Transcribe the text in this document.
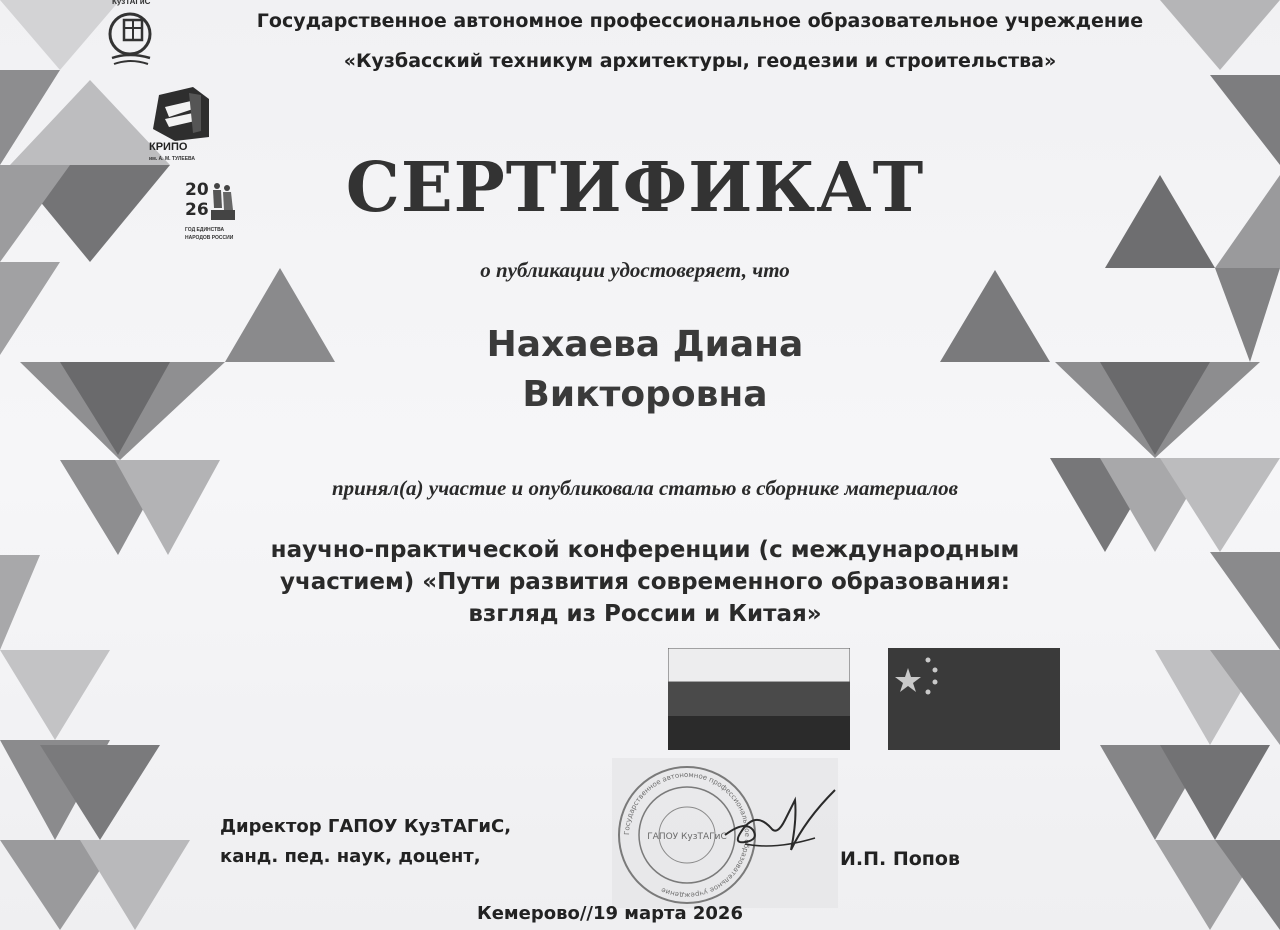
КузТАГиС
КРИПО
им. А. М. ТУЛЕЕВА
20
26
ГОД ЕДИНСТВА
НАРОДОВ РОССИИ
Государственное автономное профессиональное образовательное учреждение
«Кузбасский техникум архитектуры, геодезии и строительства»
СЕРТИФИКАТ
о публикации удостоверяет, что
Нахаева Диана
Викторовна
принял(а) участие и опубликовала статью в сборнике материалов
научно-практической конференции (с международным
участием) «Пути развития современного образования:
взгляд из России и Китая»
Государственное автономное профессиональное образовательное учреждение
ГАПОУ КузТАГиС
Директор ГАПОУ КузТАГиС,
канд. пед. наук, доцент,	И.П. Попов
Кемерово//19 марта 2026
